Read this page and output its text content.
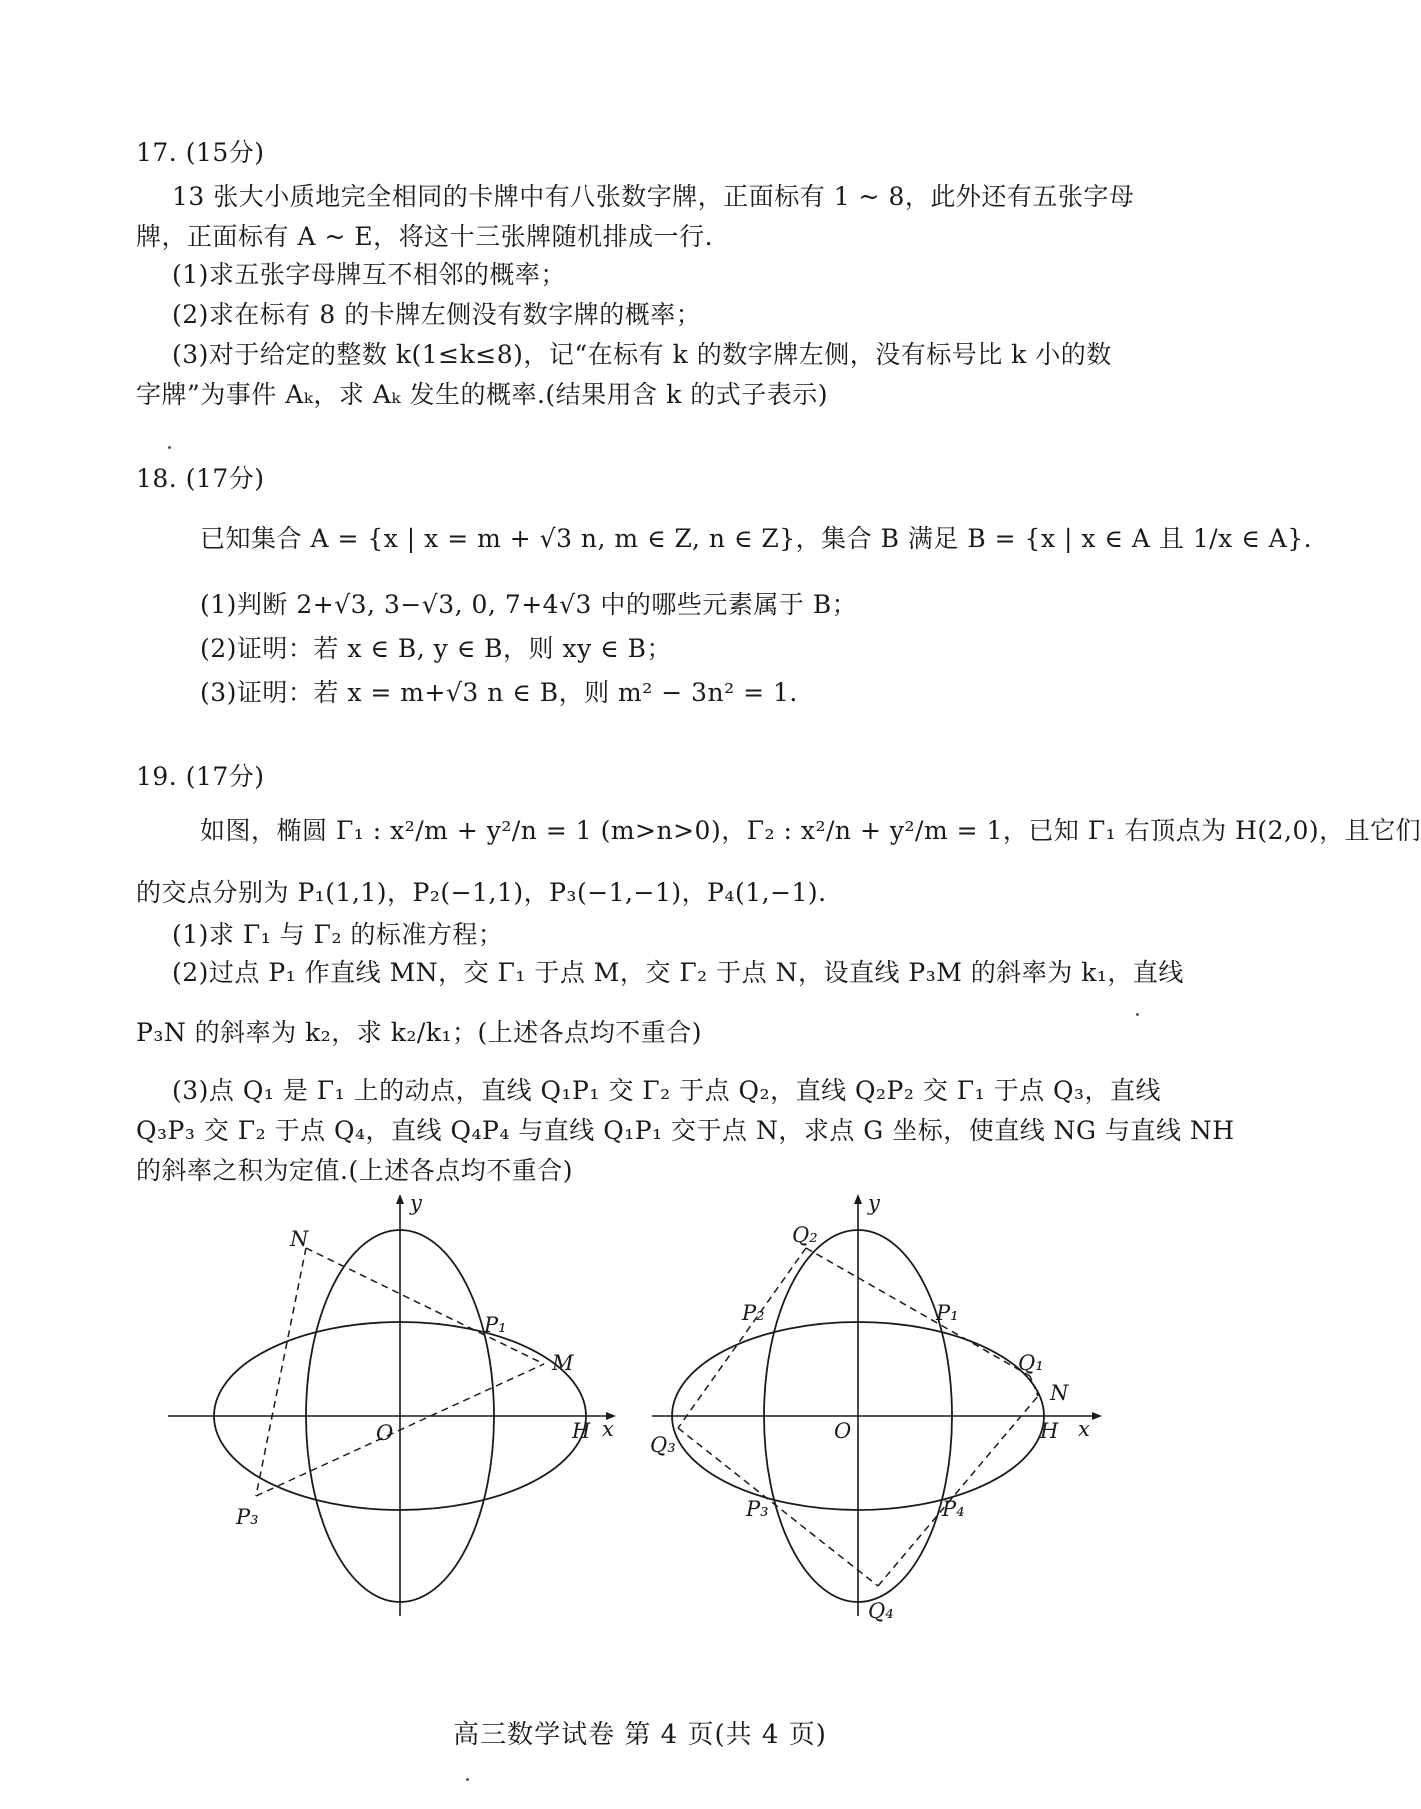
17. (15分)

13 张大小质地完全相同的卡牌中有八张数字牌，正面标有 1 ~ 8，此外还有五张字母

牌，正面标有 A ~ E，将这十三张牌随机排成一行.

(1)求五张字母牌互不相邻的概率；

(2)求在标有 8 的卡牌左侧没有数字牌的概率；

(3)对于给定的整数 k(1≤k≤8)，记“在标有 k 的数字牌左侧，没有标号比 k 小的数

字牌”为事件 Aₖ，求 Aₖ 发生的概率.(结果用含 k 的式子表示)

18. (17分)

已知集合 A = {x | x = m + √3 n, m ∈ Z, n ∈ Z}，集合 B 满足 B = {x | x ∈ A 且 1/x ∈ A}.

(1)判断 2+√3, 3−√3, 0, 7+4√3 中的哪些元素属于 B；

(2)证明：若 x ∈ B, y ∈ B，则 xy ∈ B；

(3)证明：若 x = m+√3 n ∈ B，则 m² − 3n² = 1.

19. (17分)

如图，椭圆 Γ₁ : x²/m + y²/n = 1 (m>n>0)，Γ₂ : x²/n + y²/m = 1，已知 Γ₁ 右顶点为 H(2,0)，且它们

的交点分别为 P₁(1,1)，P₂(−1,1)，P₃(−1,−1)，P₄(1,−1).

(1)求 Γ₁ 与 Γ₂ 的标准方程；

(2)过点 P₁ 作直线 MN，交 Γ₁ 于点 M，交 Γ₂ 于点 N，设直线 P₃M 的斜率为 k₁，直线

P₃N 的斜率为 k₂，求 k₂/k₁；(上述各点均不重合)

(3)点 Q₁ 是 Γ₁ 上的动点，直线 Q₁P₁ 交 Γ₂ 于点 Q₂，直线 Q₂P₂ 交 Γ₁ 于点 Q₃，直线

Q₃P₃ 交 Γ₂ 于点 Q₄，直线 Q₄P₄ 与直线 Q₁P₁ 交于点 N，求点 G 坐标，使直线 NG 与直线 NH

的斜率之积为定值.(上述各点均不重合)

N
P₁
M
P₃
O	H x
y
Q₂
P₂	P₁
Q₁
N
Q₃
O	H x
y
P₃	P₄
Q₄
高三数学试卷 第 4 页(共 4 页)
